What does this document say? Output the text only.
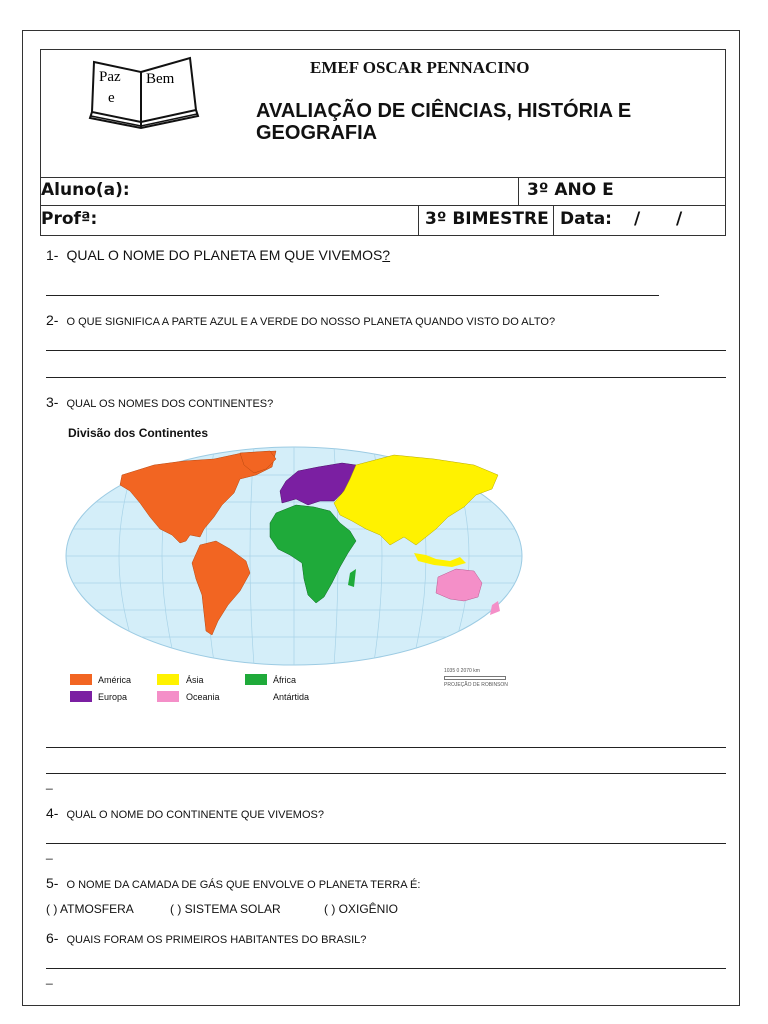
Paz
e
Bem
EMEF OSCAR PENNACINO
AVALIAÇÃO DE CIÊNCIAS, HISTÓRIA E GEOGRAFIA
Aluno(a):	3º ANO E
Profª:	3º BIMESTRE Data: / /
1- QUAL O NOME DO PLANETA EM QUE VIVEMOS?
2- O QUE SIGNIFICA A PARTE AZUL E A VERDE DO NOSSO PLANETA QUANDO VISTO DO ALTO?
3- QUAL OS NOMES DOS CONTINENTES?
Divisão dos Continentes
América
Europa
Ásia
Oceania
África
Antártida
1035 0 2070 km
PROJEÇÃO DE ROBINSON
_
4- QUAL O NOME DO CONTINENTE QUE VIVEMOS?
_
5- O NOME DA CAMADA DE GÁS QUE ENVOLVE O PLANETA TERRA É:
( ) ATMOSFERA	( ) SISTEMA SOLAR	( ) OXIGÊNIO
6- QUAIS FORAM OS PRIMEIROS HABITANTES DO BRASIL?
_
